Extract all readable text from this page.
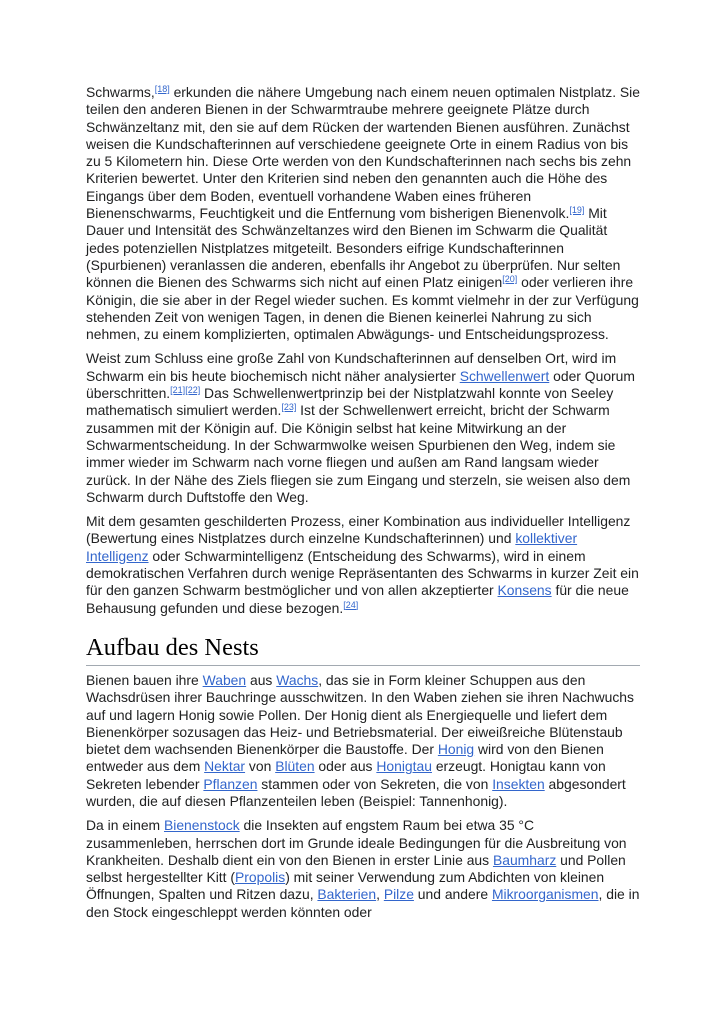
Schwarms,[18] erkunden die nähere Umgebung nach einem neuen optimalen Nistplatz. Sie teilen den anderen Bienen in der Schwarmtraube mehrere geeignete Plätze durch Schwänzeltanz mit, den sie auf dem Rücken der wartenden Bienen ausführen. Zunächst weisen die Kundschafterinnen auf verschiedene geeignete Orte in einem Radius von bis zu 5 Kilometern hin. Diese Orte werden von den Kundschafterinnen nach sechs bis zehn Kriterien bewertet. Unter den Kriterien sind neben den genannten auch die Höhe des Eingangs über dem Boden, eventuell vorhandene Waben eines früheren Bienenschwarms, Feuchtigkeit und die Entfernung vom bisherigen Bienenvolk.[19] Mit Dauer und Intensität des Schwänzeltanzes wird den Bienen im Schwarm die Qualität jedes potenziellen Nistplatzes mitgeteilt. Besonders eifrige Kundschafterinnen (Spurbienen) veranlassen die anderen, ebenfalls ihr Angebot zu überprüfen. Nur selten können die Bienen des Schwarms sich nicht auf einen Platz einigen[20] oder verlieren ihre Königin, die sie aber in der Regel wieder suchen. Es kommt vielmehr in der zur Verfügung stehenden Zeit von wenigen Tagen, in denen die Bienen keinerlei Nahrung zu sich nehmen, zu einem komplizierten, optimalen Abwägungs- und Entscheidungsprozess.

Weist zum Schluss eine große Zahl von Kundschafterinnen auf denselben Ort, wird im Schwarm ein bis heute biochemisch nicht näher analysierter Schwellenwert oder Quorum überschritten.[21][22] Das Schwellenwertprinzip bei der Nistplatzwahl konnte von Seeley mathematisch simuliert werden.[23] Ist der Schwellenwert erreicht, bricht der Schwarm zusammen mit der Königin auf. Die Königin selbst hat keine Mitwirkung an der Schwarmentscheidung. In der Schwarmwolke weisen Spurbienen den Weg, indem sie immer wieder im Schwarm nach vorne fliegen und außen am Rand langsam wieder zurück. In der Nähe des Ziels fliegen sie zum Eingang und sterzeln, sie weisen also dem Schwarm durch Duftstoffe den Weg.

Mit dem gesamten geschilderten Prozess, einer Kombination aus individueller Intelligenz (Bewertung eines Nistplatzes durch einzelne Kundschafterinnen) und kollektiver Intelligenz oder Schwarmintelligenz (Entscheidung des Schwarms), wird in einem demokratischen Verfahren durch wenige Repräsentanten des Schwarms in kurzer Zeit ein für den ganzen Schwarm bestmöglicher und von allen akzeptierter Konsens für die neue Behausung gefunden und diese bezogen.[24]

Aufbau des Nests

Bienen bauen ihre Waben aus Wachs, das sie in Form kleiner Schuppen aus den Wachsdrüsen ihrer Bauchringe ausschwitzen. In den Waben ziehen sie ihren Nachwuchs auf und lagern Honig sowie Pollen. Der Honig dient als Energiequelle und liefert dem Bienenkörper sozusagen das Heiz- und Betriebsmaterial. Der eiweißreiche Blütenstaub bietet dem wachsenden Bienenkörper die Baustoffe. Der Honig wird von den Bienen entweder aus dem Nektar von Blüten oder aus Honigtau erzeugt. Honigtau kann von Sekreten lebender Pflanzen stammen oder von Sekreten, die von Insekten abgesondert wurden, die auf diesen Pflanzenteilen leben (Beispiel: Tannenhonig).

Da in einem Bienenstock die Insekten auf engstem Raum bei etwa 35 °C zusammenleben, herrschen dort im Grunde ideale Bedingungen für die Ausbreitung von Krankheiten. Deshalb dient ein von den Bienen in erster Linie aus Baumharz und Pollen selbst hergestellter Kitt (Propolis) mit seiner Verwendung zum Abdichten von kleinen Öffnungen, Spalten und Ritzen dazu, Bakterien, Pilze und andere Mikroorganismen, die in den Stock eingeschleppt werden könnten oder
